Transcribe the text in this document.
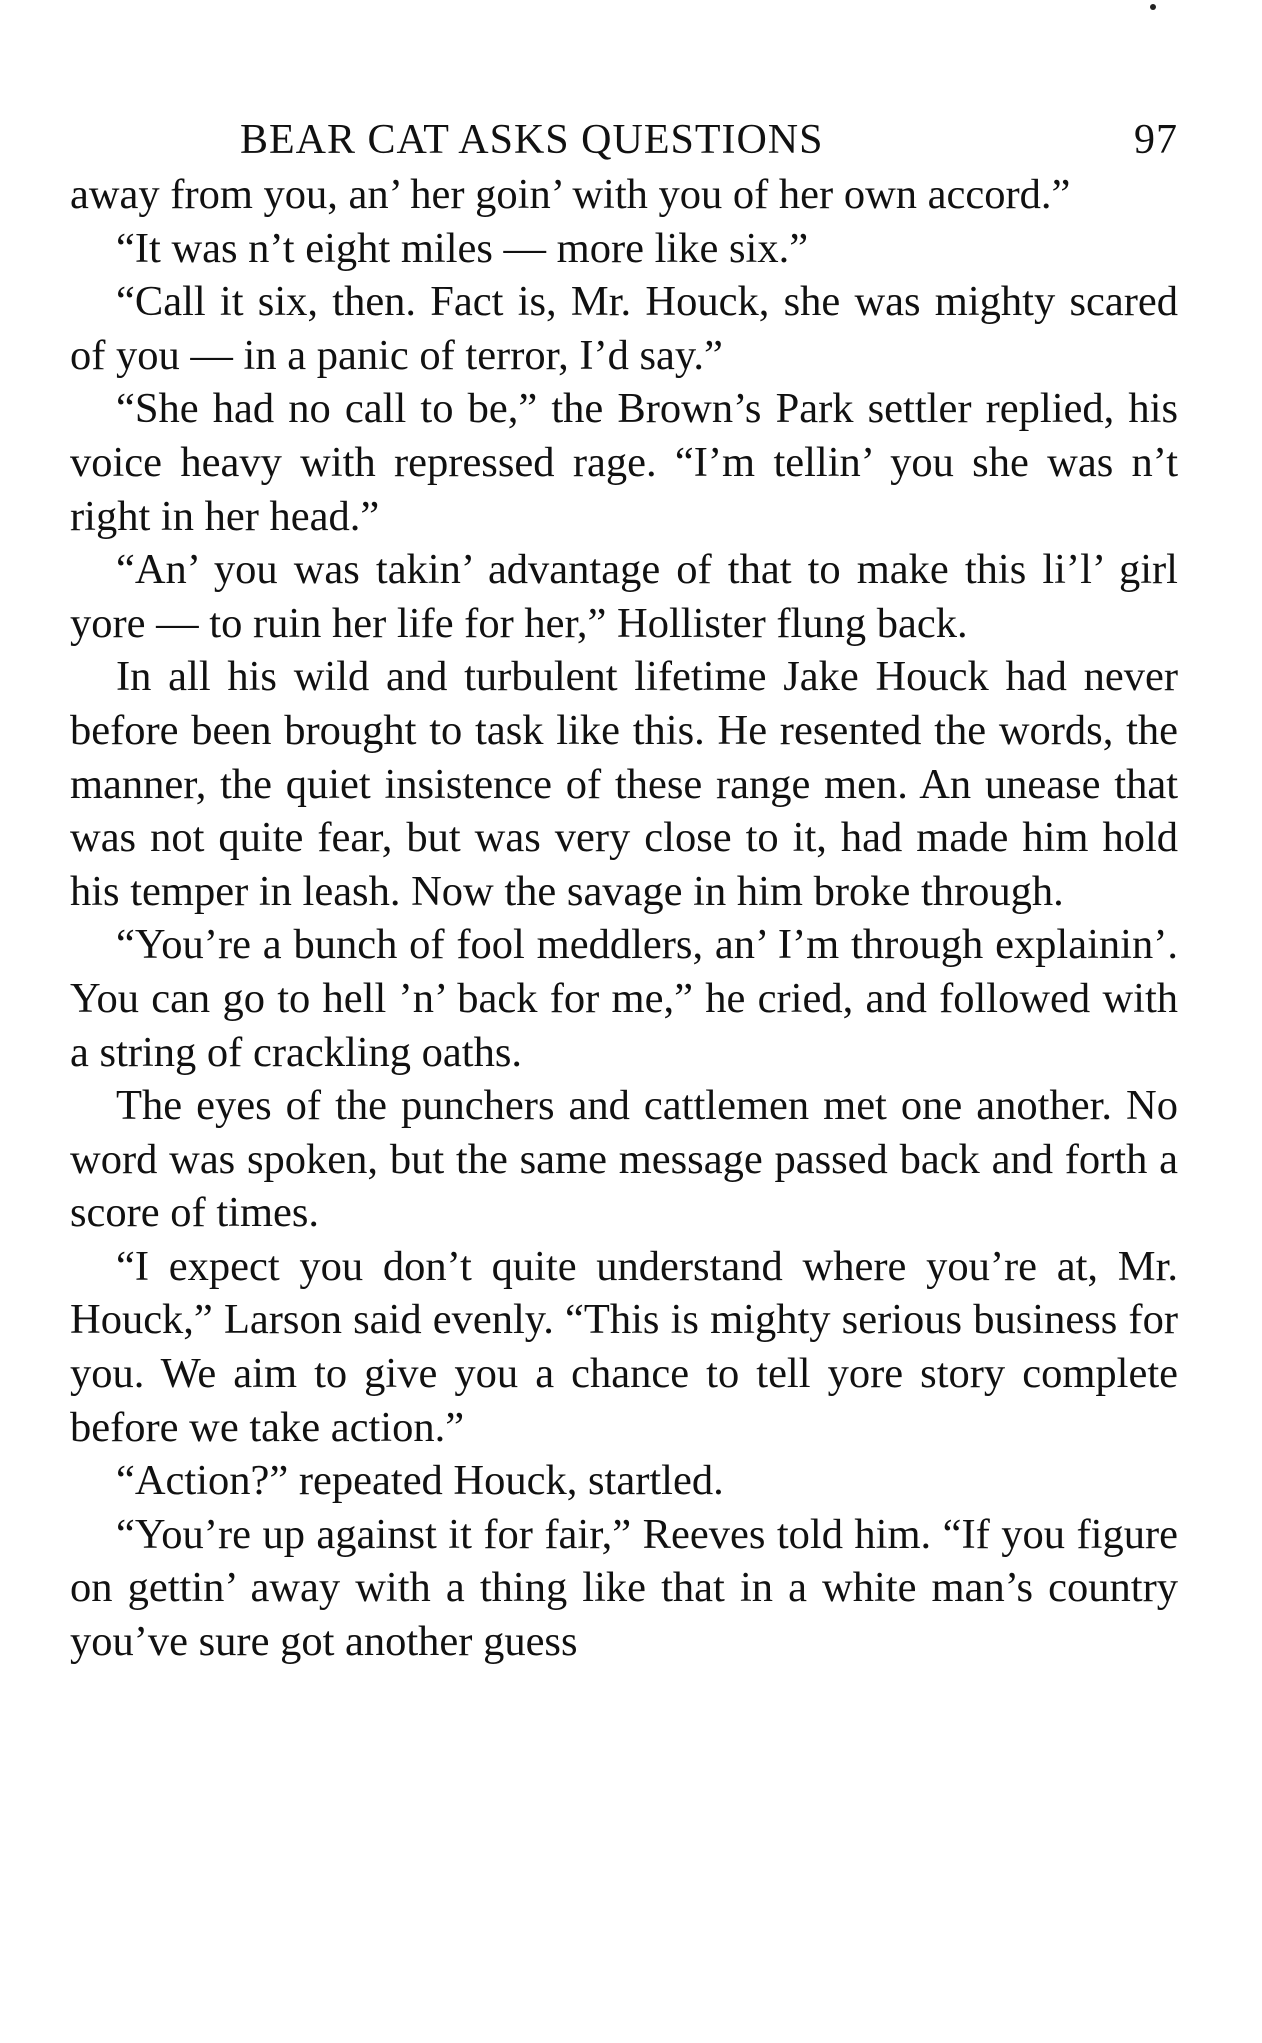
BEAR CAT ASKS QUESTIONS	97

away from you, an’ her goin’ with you of her own accord.”

“It was n’t eight miles — more like six.”

“Call it six, then. Fact is, Mr. Houck, she was mighty scared of you — in a panic of terror, I’d say.”

“She had no call to be,” the Brown’s Park settler replied, his voice heavy with repressed rage. “I’m tellin’ you she was n’t right in her head.”

“An’ you was takin’ advantage of that to make this li’l’ girl yore — to ruin her life for her,” Hollister flung back.

In all his wild and turbulent lifetime Jake Houck had never before been brought to task like this. He resented the words, the manner, the quiet insistence of these range men. An unease that was not quite fear, but was very close to it, had made him hold his temper in leash. Now the savage in him broke through.

“You’re a bunch of fool meddlers, an’ I’m through explainin’. You can go to hell ’n’ back for me,” he cried, and followed with a string of crackling oaths.

The eyes of the punchers and cattlemen met one another. No word was spoken, but the same message passed back and forth a score of times.

“I expect you don’t quite understand where you’re at, Mr. Houck,” Larson said evenly. “This is mighty serious business for you. We aim to give you a chance to tell yore story complete before we take action.”

“Action?” repeated Houck, startled.

“You’re up against it for fair,” Reeves told him. “If you figure on gettin’ away with a thing like that in a white man’s country you’ve sure got another guess
